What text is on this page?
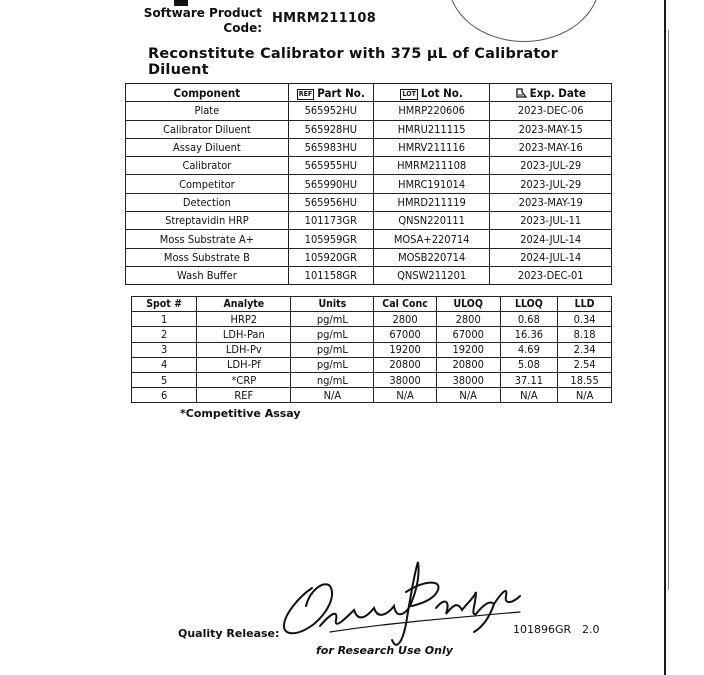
Software Product Code:
HMRM211108
Reconstitute Calibrator with 375 µL of Calibrator Diluent
Component	REF Part No.	LOT Lot No.	Exp. Date
Plate	565952HU	HMRP220606	2023-DEC-06
Calibrator Diluent	565928HU	HMRU211115	2023-MAY-15
Assay Diluent	565983HU	HMRV211116	2023-MAY-16
Calibrator	565955HU	HMRM211108	2023-JUL-29
Competitor	565990HU	HMRC191014	2023-JUL-29
Detection	565956HU	HMRD211119	2023-MAY-19
Streptavidin HRP	101173GR	QNSN220111	2023-JUL-11
Moss Substrate A+	105959GR	MOSA+220714	2024-JUL-14
Moss Substrate B	105920GR	MOSB220714	2024-JUL-14
Wash Buffer	101158GR	QNSW211201	2023-DEC-01
Spot #	Analyte	Units	Cal Conc	ULOQ	LLOQ	LLD
1	HRP2	pg/mL	2800	2800	0.68	0.34
2	LDH-Pan	pg/mL	67000	67000	16.36	8.18
3	LDH-Pv	pg/mL	19200	19200	4.69	2.34
4	LDH-Pf	pg/mL	20800	20800	5.08	2.54
5	*CRP	ng/mL	38000	38000	37.11	18.55
6	REF	N/A	N/A	N/A	N/A	N/A
*Competitive Assay
Quality Release:	101896GR 2.0
for Research Use Only
